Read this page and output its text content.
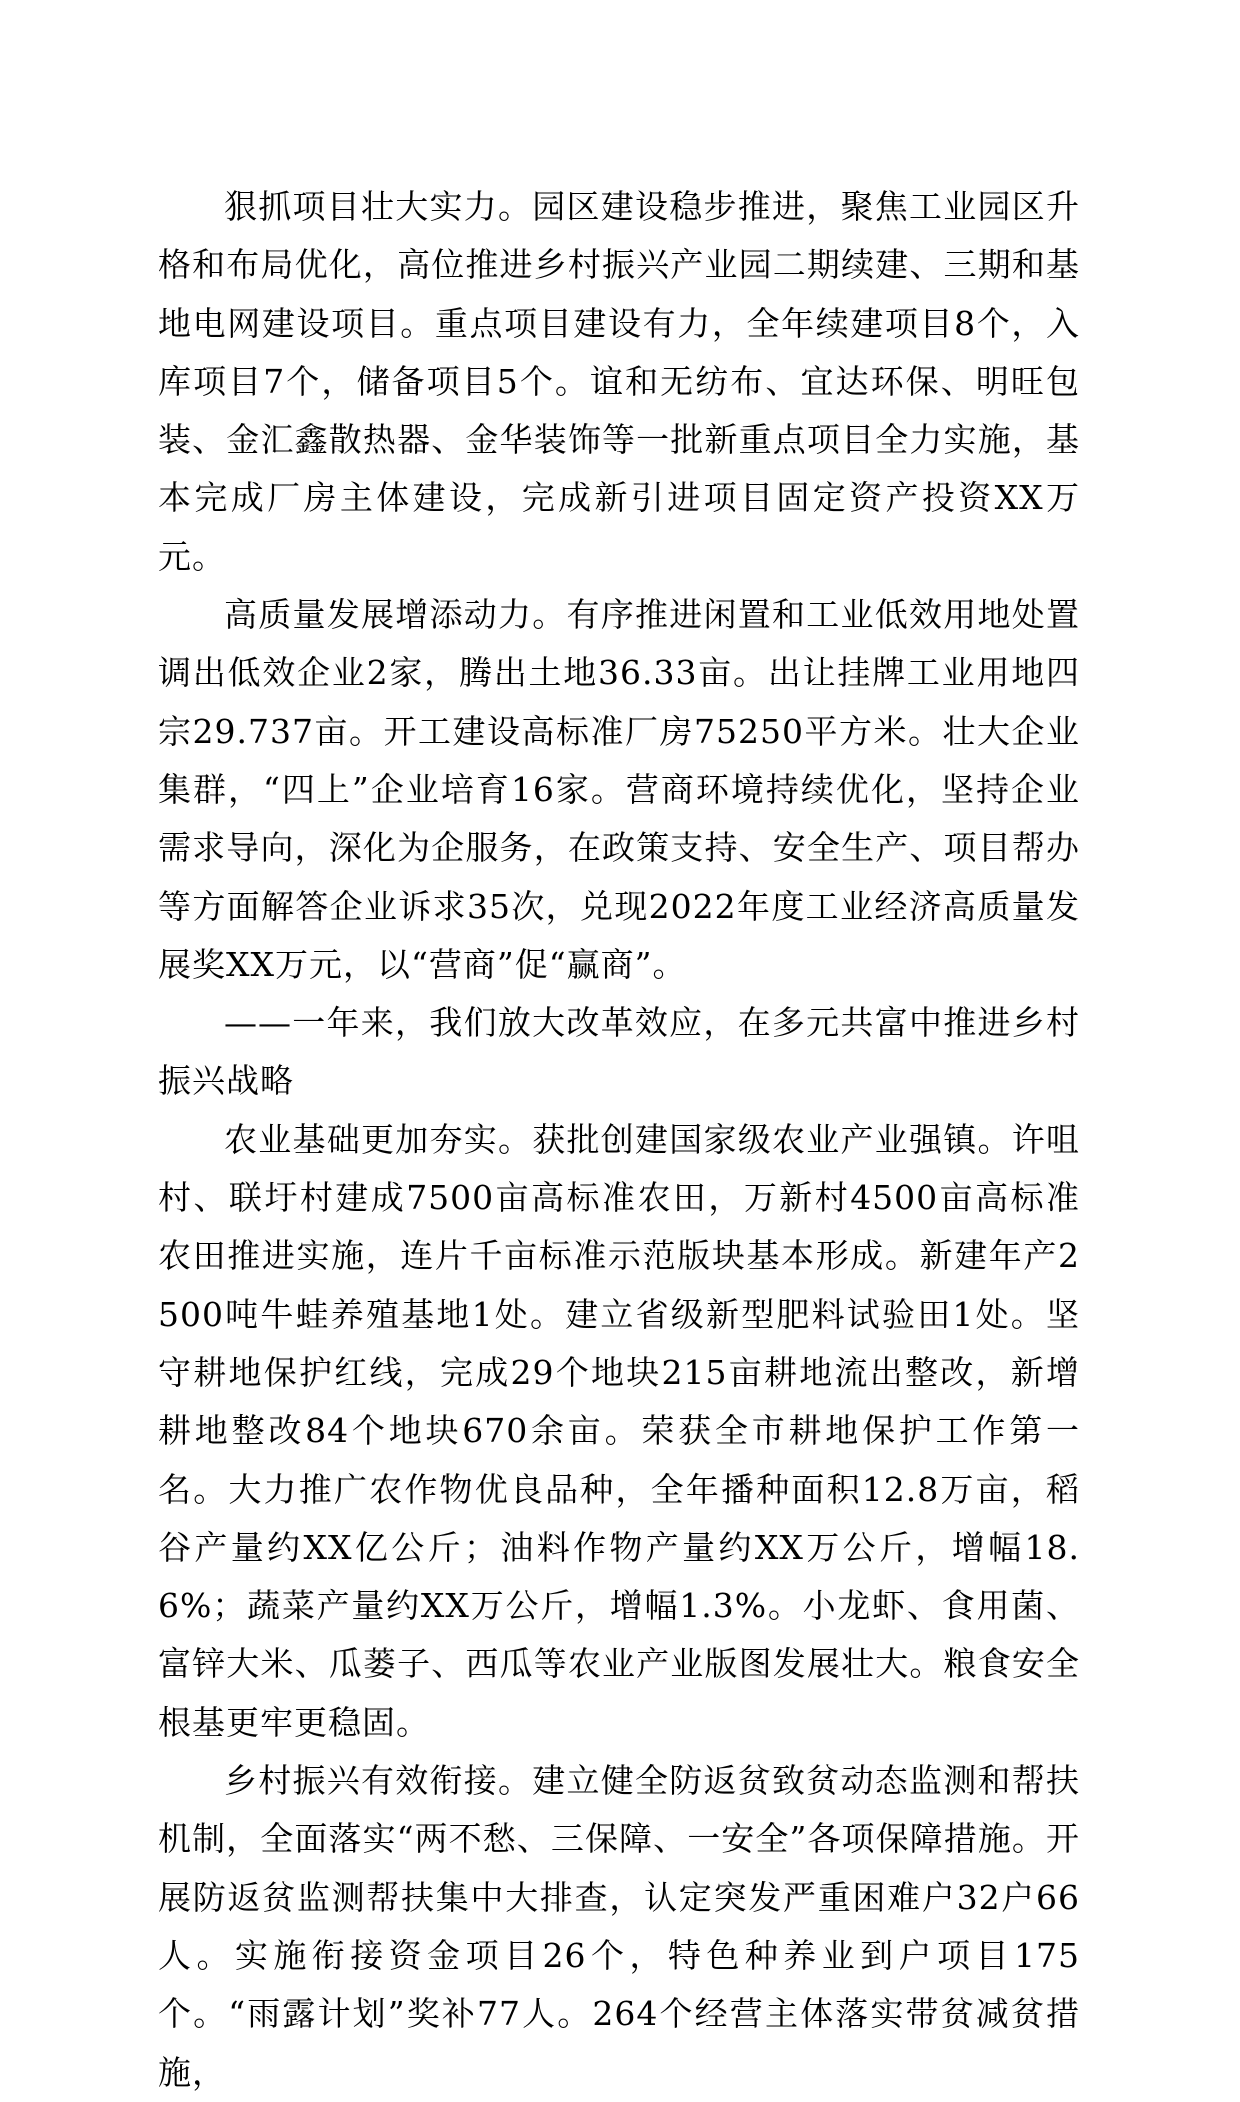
狠抓项目壮大实力。园区建设稳步推进，聚焦工业园区升格和布局优化，高位推进乡村振兴产业园二期续建、三期和基地电网建设项目。重点项目建设有力，全年续建项目8个，入库项目7个，储备项目5个。谊和无纺布、宜达环保、明旺包装、金汇鑫散热器、金华装饰等一批新重点项目全力实施，基本完成厂房主体建设，完成新引进项目固定资产投资XX万元。

高质量发展增添动力。有序推进闲置和工业低效用地处置调出低效企业2家，腾出土地36.33亩。出让挂牌工业用地四宗29.737亩。开工建设高标准厂房75250平方米。壮大企业集群，“四上”企业培育16家。营商环境持续优化，坚持企业需求导向，深化为企服务，在政策支持、安全生产、项目帮办等方面解答企业诉求35次，兑现2022年度工业经济高质量发展奖XX万元，以“营商”促“赢商”。

——一年来，我们放大改革效应，在多元共富中推进乡村振兴战略

农业基础更加夯实。获批创建国家级农业产业强镇。许咀村、联圩村建成7500亩高标准农田，万新村4500亩高标准农田推进实施，连片千亩标准示范版块基本形成。新建年产2500吨牛蛙养殖基地1处。建立省级新型肥料试验田1处。坚守耕地保护红线，完成29个地块215亩耕地流出整改，新增耕地整改84个地块670余亩。荣获全市耕地保护工作第一名。大力推广农作物优良品种，全年播种面积12.8万亩，稻谷产量约XX亿公斤；油料作物产量约XX万公斤，增幅18.6%；蔬菜产量约XX万公斤，增幅1.3%。小龙虾、食用菌、富锌大米、瓜蒌子、西瓜等农业产业版图发展壮大。粮食安全根基更牢更稳固。

乡村振兴有效衔接。建立健全防返贫致贫动态监测和帮扶机制，全面落实“两不愁、三保障、一安全”各项保障措施。开展防返贫监测帮扶集中大排查，认定突发严重困难户32户66人。实施衔接资金项目26个，特色种养业到户项目175个。“雨露计划”奖补77人。264个经营主体落实带贫减贫措施，
